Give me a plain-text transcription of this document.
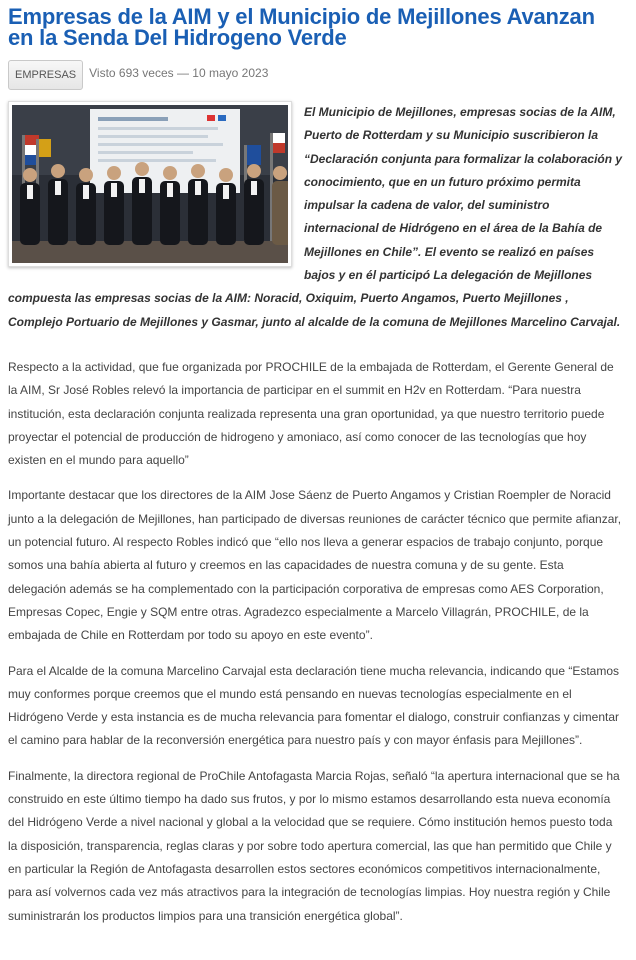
Empresas de la AIM y el Municipio de Mejillones Avanzan en la Senda Del Hidrogeno Verde
EMPRESAS	Visto 693 veces — 10 mayo 2023

El Municipio de Mejillones, empresas socias de la AIM, Puerto de Rotterdam y su Municipio suscribieron la “Declaración conjunta para formalizar la colaboración y conocimiento, que en un futuro próximo permita impulsar la cadena de valor, del suministro internacional de Hidrógeno en el área de la Bahía de Mejillones en Chile”. El evento se realizó en países bajos y en él participó La delegación de Mejillones compuesta las empresas socias de la AIM: Noracid, Oxiquim, Puerto Angamos, Puerto Mejillones , Complejo Portuario de Mejillones y Gasmar, junto al alcalde de la comuna de Mejillones Marcelino Carvajal.

Respecto a la actividad, que fue organizada por PROCHILE de la embajada de Rotterdam, el Gerente General de la AIM, Sr José Robles relevó la importancia de participar en el summit en H2v en Rotterdam. “Para nuestra institución, esta declaración conjunta realizada representa una gran oportunidad, ya que nuestro territorio puede proyectar el potencial de producción de hidrogeno y amoniaco, así como conocer de las tecnologías que hoy existen en el mundo para aquello”

Importante destacar que los directores de la AIM Jose Sáenz de Puerto Angamos y Cristian Roempler de Noracid junto a la delegación de Mejillones, han participado de diversas reuniones de carácter técnico que permite afianzar, un potencial futuro. Al respecto Robles indicó que “ello nos lleva a generar espacios de trabajo conjunto, porque somos una bahía abierta al futuro y creemos en las capacidades de nuestra comuna y de su gente. Esta delegación además se ha complementado con la participación corporativa de empresas como AES Corporation, Empresas Copec, Engie y SQM entre otras. Agradezco especialmente a Marcelo Villagrán, PROCHILE, de la embajada de Chile en Rotterdam por todo su apoyo en este evento”.

Para el Alcalde de la comuna Marcelino Carvajal esta declaración tiene mucha relevancia, indicando que “Estamos muy conformes porque creemos que el mundo está pensando en nuevas tecnologías especialmente en el Hidrógeno Verde y esta instancia es de mucha relevancia para fomentar el dialogo, construir confianzas y cimentar el camino para hablar de la reconversión energética para nuestro país y con mayor énfasis para Mejillones”.

Finalmente, la directora regional de ProChile Antofagasta Marcia Rojas, señaló “la apertura internacional que se ha construido en este último tiempo ha dado sus frutos, y por lo mismo estamos desarrollando esta nueva economía del Hidrógeno Verde a nivel nacional y global a la velocidad que se requiere. Cómo institución hemos puesto toda la disposición, transparencia, reglas claras y por sobre todo apertura comercial, las que han permitido que Chile y en particular la Región de Antofagasta desarrollen estos sectores económicos competitivos internacionalmente, para así volvernos cada vez más atractivos para la integración de tecnologías limpias. Hoy nuestra región y Chile suministrarán los productos limpios para una transición energética global”.
